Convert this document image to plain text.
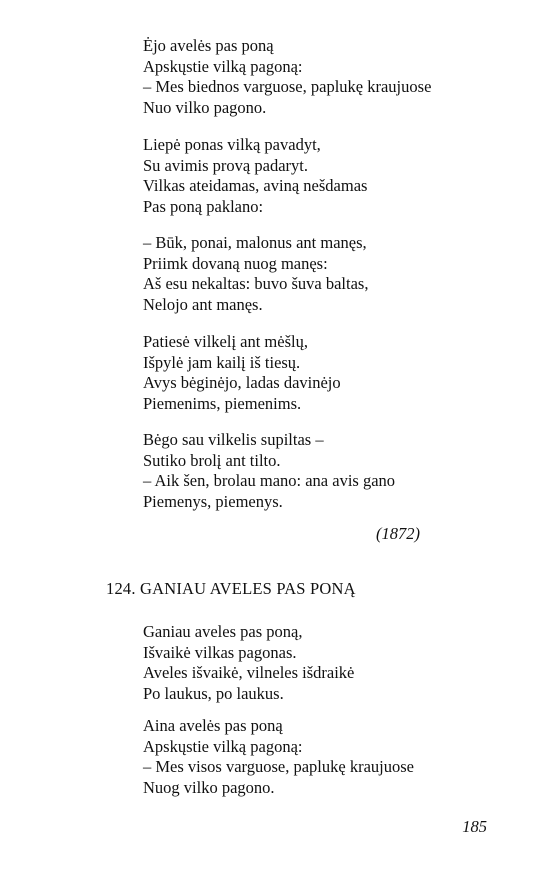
Ėjo avelės pas poną
Apskųstie vilką pagoną:
– Mes biednos varguose, paplukę kraujuose
Nuo vilko pagono.
Liepė ponas vilką pavadyt,
Su avimis provą padaryt.
Vilkas ateidamas, aviną nešdamas
Pas poną paklano:
– Būk, ponai, malonus ant manęs,
Priimk dovaną nuog manęs:
Aš esu nekaltas: buvo šuva baltas,
Nelojo ant manęs.
Patiesė vilkelį ant mėšlų,
Išpylė jam kailį iš tiesų.
Avys bėginėjo, ladas davinėjo
Piemenims, piemenims.
Bėgo sau vilkelis supiltas –
Sutiko brolį ant tilto.
– Aik šen, brolau mano: ana avis gano
Piemenys, piemenys.
(1872)
124. GANIAU AVELES PAS PONĄ
Ganiau aveles pas poną,
Išvaikė vilkas pagonas.
Aveles išvaikė, vilneles išdraikė
Po laukus, po laukus.
Aina avelės pas poną
Apskųstie vilką pagoną:
– Mes visos varguose, paplukę kraujuose
Nuog vilko pagono.
185
